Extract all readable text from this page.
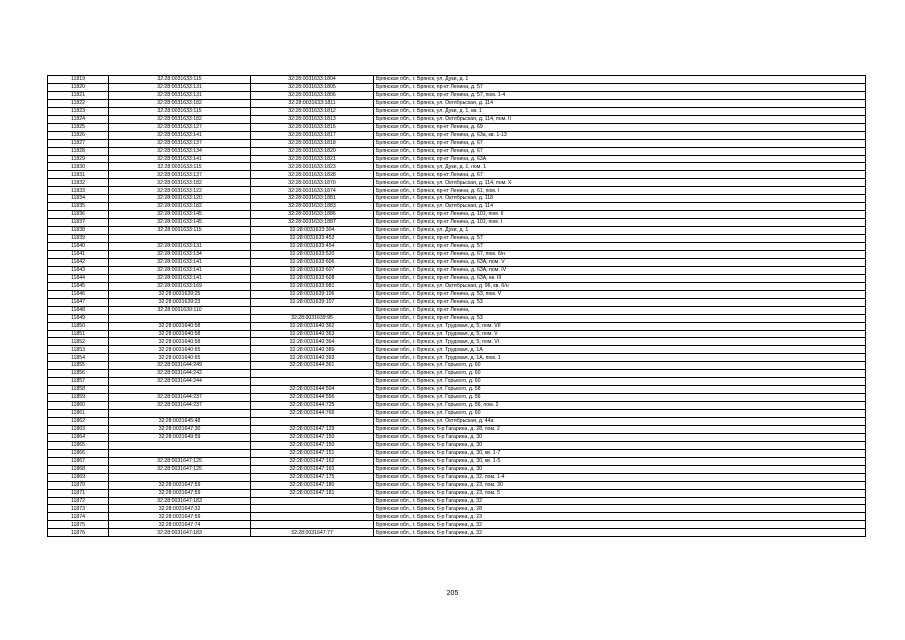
11819	32:28:0031633:115	32:28:0031633:1804	Брянская обл., г. Брянск, ул. Дуки, д. 1
11820	32:28:0031633:131	32:28:0031633:1805	Брянская обл., г. Брянск, пр-кт Ленина, д. 57
11821	32:28:0031633:131	32:28:0031633:1806	Брянская обл., г. Брянск, пр-кт Ленина, д. 57, пом. 1-4
11822	32:28:0031633:182	32:28:0031633:1811	Брянская обл., г. Брянск, ул. Октябрьская, д. 114
11823	32:28:0031633:115	32:28:0031633:1812	Брянская обл., г. Брянск, ул. Дуки, д. 1, кв. 1
11824	32:28:0031633:182	32:28:0031633:1813	Брянская обл., г. Брянск, ул. Октябрьская, д. 114, пом. II
11825	32:28:0031633:127	32:28:0031633:1816	Брянская обл., г. Брянск, пр-кт Ленина, д. 69
11826	32:28:0031633:141	32:28:0031633:1817	Брянская обл., г. Брянск, пр-кт Ленина, д. 63а, кв. 1-13
11827	32:28:0031633:137	32:28:0031633:1818	Брянская обл., г. Брянск, пр-кт Ленина, д. 67
11828	32:28:0031633:134	32:28:0031633:1820	Брянская обл., г. Брянск, пр-кт Ленина, д. 67
11829	32:28:0031633:141	32:28:0031633:1821	Брянская обл., г. Брянск, пр-кт Ленина, д. 63А
11830	32:28:0031633:115	32:28:0031633:1823	Брянская обл., г. Брянск, ул. Дуки, д. 1, пом. 1
11831	32:28:0031633:137	32:28:0031633:1828	Брянская обл., г. Брянск, пр-кт Ленина, д. 67
11832	32:28:0031633:182	32:28:0031633:1870	Брянская обл., г. Брянск, ул. Октябрьская, д. 114, пом. X
11833	32:28:0031633:122	32:28:0031633:1874	Брянская обл., г. Брянск, пр-кт Ленина, д. 61, пом. I
11834	32:28:0031633:120	32:28:0031633:1881	Брянская обл., г. Брянск, ул. Октябрьская, д. 118
11835	32:28:0031633:182	32:28:0031633:1883	Брянская обл., г. Брянск, ул. Октябрьская, д. 114
11836	32:28:0031633:145	32:28:0031633:1886	Брянская обл., г. Брянск, пр-кт Ленина, д. 101, пом. II
11837	32:28:0031633:145	32:28:0031633:1887	Брянская обл., г. Брянск, пр-кт Ленина, д. 101, пом. I
11838	32:28:0031633:115	32:28:0031633:304	Брянская обл., г. Брянск, ул. Дуки, д. 1
11839		32:28:0031633:453	Брянская обл., г. Брянск, пр-кт Ленина, д. 57
11840	32:28:0031633:131	32:28:0031633:454	Брянская обл., г. Брянск, пр-кт Ленина, д. 57
11841	32:28:0031633:134	32:28:0031633:520	Брянская обл., г. Брянск, пр-кт Ленина, д. 67, пом. б/н
11842	32:28:0031633:141	32:28:0031633:606	Брянская обл., г. Брянск, пр-кт Ленина, д. 63А, пом. V
11843	32:28:0031633:141	32:28:0031633:607	Брянская обл., г. Брянск, пр-кт Ленина, д. 63А, пом. IV
11844	32:28:0031633:141	32:28:0031633:608	Брянская обл., г. Брянск, пр-кт Ленина, д. 63А, кв. III
11845	32:28:0031633:169	32:28:0031633:981	Брянская обл., г. Брянск, ул. Октябрьская, д. 96, кв. б/н
11846	32:28:0031639:25	32:28:0031639:106	Брянская обл., г. Брянск, пр-кт Ленина, д. 53, пом. V
11847	32:28:0031639:23	32:28:0031639:107	Брянская обл., г. Брянск, пр-кт Ленина, д. 53
11848	32:28:0031639:110		Брянская обл., г. Брянск, пр-кт Ленина,
11849		32:28:0031639:95	Брянская обл., г. Брянск, пр-кт Ленина, д. 53
11850	32:28:0031640:58	32:28:0031640:362	Брянская обл., г. Брянск, ул. Трудовая, д. 5, пом. VII
11851	32:28:0031640:58	32:28:0031640:363	Брянская обл., г. Брянск, ул. Трудовая, д. 5, пом. V
11852	32:28:0031640:58	32:28:0031640:364	Брянская обл., г. Брянск, ул. Трудовая, д. 5, пом. VI
11853	32:28:0031640:65	32:28:0031640:389	Брянская обл., г. Брянск, ул. Трудовая, д. 1А
11854	32:28:0031640:65	32:28:0031640:393	Брянская обл., г. Брянск, ул. Трудовая, д. 1А, пом. 1
11855	32:28:0031644:249	32:28:0031644:361	Брянская обл., г. Брянск, ул. Горького, д. 60
11856	32:28:0031644:242		Брянская обл., г. Брянск, ул. Горького, д. 60
11857	32:28:0031644:244		Брянская обл., г. Брянск, ул. Горького, д. 60
11858		32:28:0031644:504	Брянская обл., г. Брянск, ул. Горького, д. 58
11859	32:28:0031644:237	32:28:0031644:556	Брянская обл., г. Брянск, ул. Горького, д. 56
11860	32:28:0031644:237	32:28:0031644:725	Брянская обл., г. Брянск, ул. Горького, д. 56, пом. 2
11861		32:28:0031644:766	Брянская обл., г. Брянск, ул. Горького, д. 60
11862	32:28:0031645:48		Брянская обл., г. Брянск, ул. Октябрьская, д. 44а
11863	32:28:0031647:30	32:28:0031647:129	Брянская обл., г. Брянск, б-р Гагарина, д. 28, пом. 2
11864	32:28:0031649:59	32:28:0031647:150	Брянская обл., г. Брянск, б-р Гагарина, д. 30
11865		32:28:0031647:150	Брянская обл., г. Брянск, б-р Гагарина, д. 30
11866		32:28:0031647:151	Брянская обл., г. Брянск, б-р Гагарина, д. 30, кв. 1-7
11867	32:28:0031647:125	32:28:0031647:162	Брянская обл., г. Брянск, б-р Гагарина, д. 30, кв. 1-5
11868	32:28:0031647:125	32:28:0031647:163	Брянская обл., г. Брянск, б-р Гагарина, д. 30
11869		32:28:0031647:175	Брянская обл., г. Брянск, б-р Гагарина, д. 32, пом. 1-4
11870	32:28:0031647:59	32:28:0031647:180	Брянская обл., г. Брянск, б-р Гагарина, д. 23, пом. 30
11871	32:28:0031647:59	32:28:0031647:181	Брянская обл., г. Брянск, б-р Гагарина, д. 23, пом. 5
11872	32:28:0031647:183		Брянская обл., г. Брянск, б-р Гагарина, д. 32
11873	32:28:0031647:32		Брянская обл., г. Брянск, б-р Гагарина, д. 28
11874	32:28:0031647:59		Брянская обл., г. Брянск, б-р Гагарина, д. 23
11875	32:28:0031647:74		Брянская обл., г. Брянск, б-р Гагарина, д. 32
11876	32:28:0031647:183	32:28:0031647:77	Брянская обл., г. Брянск, б-р Гагарина, д. 32
205
